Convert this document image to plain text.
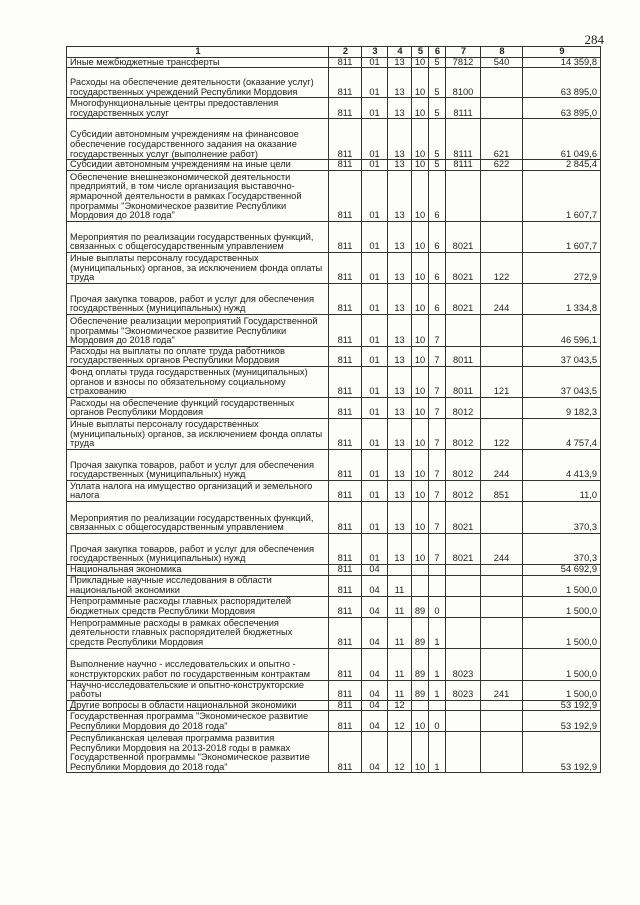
284
1	2	3	4	5	6	7	8	9
Иные межбюджетные трансферты	811	01	13	10	5	7812	540	14 359,8
Расходы на обеспечение деятельности (оказание услуг) государственных учреждений Республики Мордовия	811	01	13	10	5	8100		63 895,0
Многофункциональные центры предоставления государственных услуг	811	01	13	10	5	8111		63 895,0
Субсидии автономным учреждениям на финансовое обеспечение государственного задания на оказание государственных услуг (выполнение работ)	811	01	13	10	5	8111	621	61 049,6
Субсидии автономным учреждениям на иные цели	811	01	13	10	5	8111	622	2 845,4
Обеспечение внешнеэкономической деятельности предприятий, в том числе организация выставочно-ярмарочной деятельности в рамках Государственной программы "Экономическое развитие Республики Мордовия до 2018 года"	811	01	13	10	6			1 607,7
Мероприятия по реализации государственных функций, связанных с общегосударственным управлением	811	01	13	10	6	8021		1 607,7
Иные выплаты персоналу государственных (муниципальных) органов, за исключением фонда оплаты труда	811	01	13	10	6	8021	122	272,9
Прочая закупка товаров, работ и услуг для обеспечения государственных (муниципальных) нужд	811	01	13	10	6	8021	244	1 334,8
Обеспечение реализации мероприятий Государственной программы "Экономическое развитие Республики Мордовия до 2018 года"	811	01	13	10	7			46 596,1
Расходы на выплаты по оплате труда работников государственных органов Республики Мордовия	811	01	13	10	7	8011		37 043,5
Фонд оплаты труда государственных (муниципальных) органов и взносы по обязательному социальному страхованию	811	01	13	10	7	8011	121	37 043,5
Расходы на обеспечение функций государственных органов Республики Мордовия	811	01	13	10	7	8012		9 182,3
Иные выплаты персоналу государственных (муниципальных) органов, за исключением фонда оплаты труда	811	01	13	10	7	8012	122	4 757,4
Прочая закупка товаров, работ и услуг для обеспечения государственных (муниципальных) нужд	811	01	13	10	7	8012	244	4 413,9
Уплата налога на имущество организаций и земельного налога	811	01	13	10	7	8012	851	11,0
Мероприятия по реализации государственных функций, связанных с общегосударственным управлением	811	01	13	10	7	8021		370,3
Прочая закупка товаров, работ и услуг для обеспечения государственных (муниципальных) нужд	811	01	13	10	7	8021	244	370,3
Национальная экономика	811	04						54 692,9
Прикладные научные исследования в области национальной экономики	811	04	11					1 500,0
Непрограммные расходы главных распорядителей бюджетных средств Республики Мордовия	811	04	11	89	0			1 500,0
Непрограммные расходы в рамках обеспечения деятельности главных распорядителей бюджетных средств Республики Мордовия	811	04	11	89	1			1 500,0
Выполнение научно - исследовательских и опытно - конструкторских работ по государственным контрактам	811	04	11	89	1	8023		1 500,0
Научно-исследовательские и опытно-конструкторские работы	811	04	11	89	1	8023	241	1 500,0
Другие вопросы в области национальной экономики	811	04	12					53 192,9
Государственная программа "Экономическое развитие Республики Мордовия до 2018 года"	811	04	12	10	0			53 192,9
Республиканская целевая программа развития Республики Мордовия на 2013-2018 годы в рамках Государственной программы "Экономическое развитие Республики Мордовия до 2018 года"	811	04	12	10	1			53 192,9
